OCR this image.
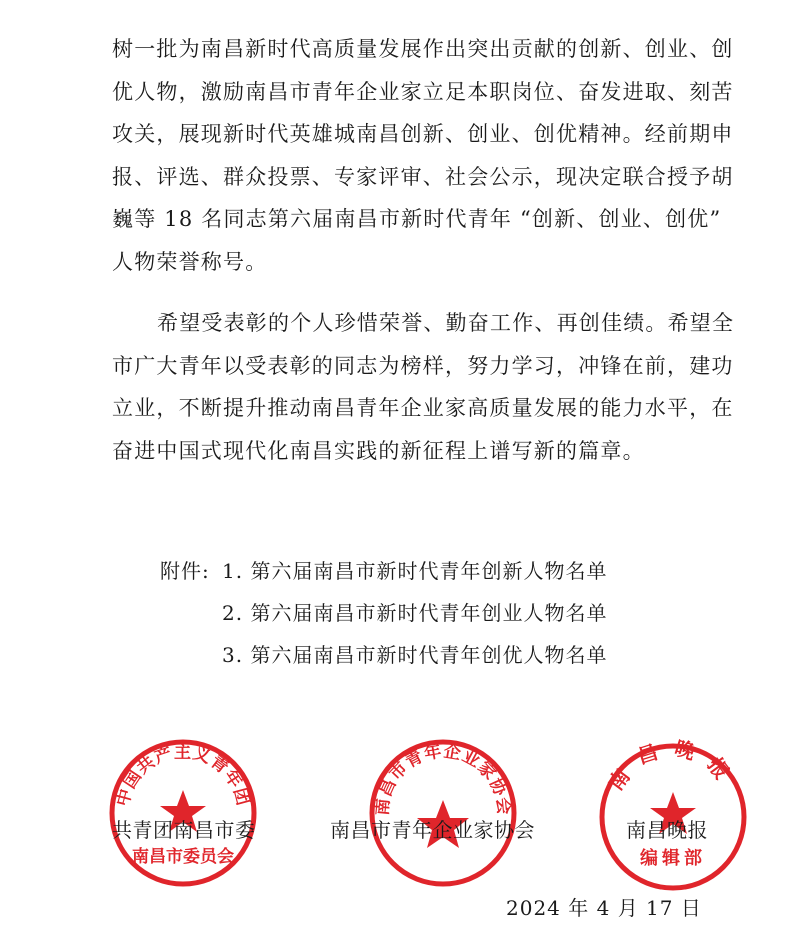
树一批为南昌新时代高质量发展作出突出贡献的创新、创业、创
优人物，激励南昌市青年企业家立足本职岗位、奋发进取、刻苦
攻关，展现新时代英雄城南昌创新、创业、创优精神。经前期申
报、评选、群众投票、专家评审、社会公示，现决定联合授予胡
巍等 18 名同志第六届南昌市新时代青年 “创新、创业、创优”
人物荣誉称号。
希望受表彰的个人珍惜荣誉、勤奋工作、再创佳绩。希望全
市广大青年以受表彰的同志为榜样，努力学习，冲锋在前，建功
立业，不断提升推动南昌青年企业家高质量发展的能力水平，在
奋进中国式现代化南昌实践的新征程上谱写新的篇章。
附件: 1. 第六届南昌市新时代青年创新人物名单
2. 第六届南昌市新时代青年创业人物名单
3. 第六届南昌市新时代青年创优人物名单
中国共产主义青年团
南昌市委员会
南昌市青年企业家协会
南昌晚报
编辑部
共青团南昌市委	南昌市青年企业家协会	南昌晚报
2024 年 4 月 17 日
